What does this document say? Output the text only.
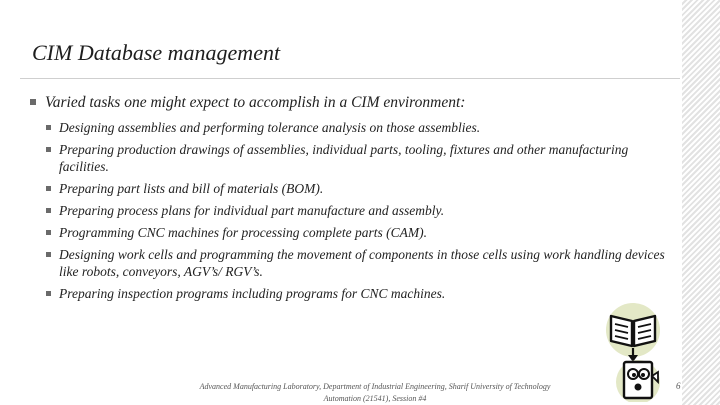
CIM Database management
Varied tasks one might expect to accomplish in a CIM environment:
Designing assemblies and performing tolerance analysis on those assemblies.
Preparing production drawings of assemblies, individual parts, tooling, fixtures and other manufacturing facilities.
Preparing part lists and bill of materials (BOM).
Preparing process plans for individual part manufacture and assembly.
Programming CNC machines for processing complete parts (CAM).
Designing work cells and programming the movement of components in those cells using work handling devices like robots, conveyors, AGV’s/ RGV’s.
Preparing inspection programs including programs for CNC machines.
Advanced Manufacturing Laboratory, Department of Industrial Engineering, Sharif University of Technology
Automation (21541), Session #4
6
